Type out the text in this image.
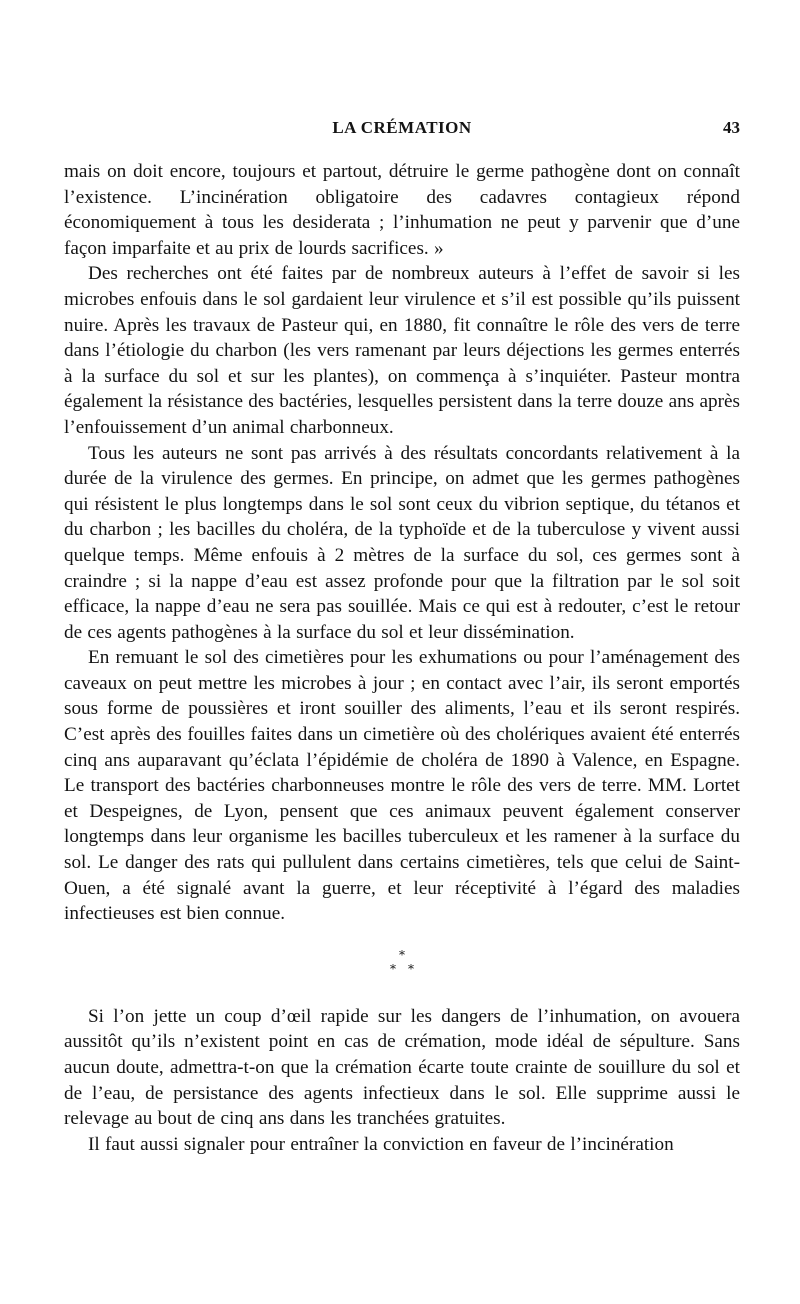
LA CRÉMATION	43

mais on doit encore, toujours et partout, détruire le germe pathogène dont on connaît l’existence. L’incinération obligatoire des cadavres contagieux répond économiquement à tous les desiderata ; l’inhumation ne peut y parvenir que d’une façon imparfaite et au prix de lourds sacrifices. »

Des recherches ont été faites par de nombreux auteurs à l’effet de savoir si les microbes enfouis dans le sol gardaient leur virulence et s’il est possible qu’ils puissent nuire. Après les travaux de Pasteur qui, en 1880, fit connaître le rôle des vers de terre dans l’étiologie du charbon (les vers ramenant par leurs déjections les germes enterrés à la surface du sol et sur les plantes), on commença à s’inquiéter. Pasteur montra également la résistance des bactéries, lesquelles persistent dans la terre douze ans après l’enfouissement d’un animal charbonneux.

Tous les auteurs ne sont pas arrivés à des résultats concordants relativement à la durée de la virulence des germes. En principe, on admet que les germes pathogènes qui résistent le plus longtemps dans le sol sont ceux du vibrion septique, du tétanos et du charbon ; les bacilles du choléra, de la typhoïde et de la tuberculose y vivent aussi quelque temps. Même enfouis à 2 mètres de la surface du sol, ces germes sont à craindre ; si la nappe d’eau est assez profonde pour que la filtration par le sol soit efficace, la nappe d’eau ne sera pas souillée. Mais ce qui est à redouter, c’est le retour de ces agents pathogènes à la surface du sol et leur dissémination.

En remuant le sol des cimetières pour les exhumations ou pour l’aménagement des caveaux on peut mettre les microbes à jour ; en contact avec l’air, ils seront emportés sous forme de poussières et iront souiller des aliments, l’eau et ils seront respirés. C’est après des fouilles faites dans un cimetière où des cholériques avaient été enterrés cinq ans auparavant qu’éclata l’épidémie de choléra de 1890 à Valence, en Espagne. Le transport des bactéries charbonneuses montre le rôle des vers de terre. MM. Lortet et Despeignes, de Lyon, pensent que ces animaux peuvent également conserver longtemps dans leur organisme les bacilles tuberculeux et les ramener à la surface du sol. Le danger des rats qui pullulent dans certains cimetières, tels que celui de Saint-Ouen, a été signalé avant la guerre, et leur réceptivité à l’égard des maladies infectieuses est bien connue.

*
* *

Si l’on jette un coup d’œil rapide sur les dangers de l’inhumation, on avouera aussitôt qu’ils n’existent point en cas de crémation, mode idéal de sépulture. Sans aucun doute, admettra-t-on que la crémation écarte toute crainte de souillure du sol et de l’eau, de persistance des agents infectieux dans le sol. Elle supprime aussi le relevage au bout de cinq ans dans les tranchées gratuites.

Il faut aussi signaler pour entraîner la conviction en faveur de l’incinération
